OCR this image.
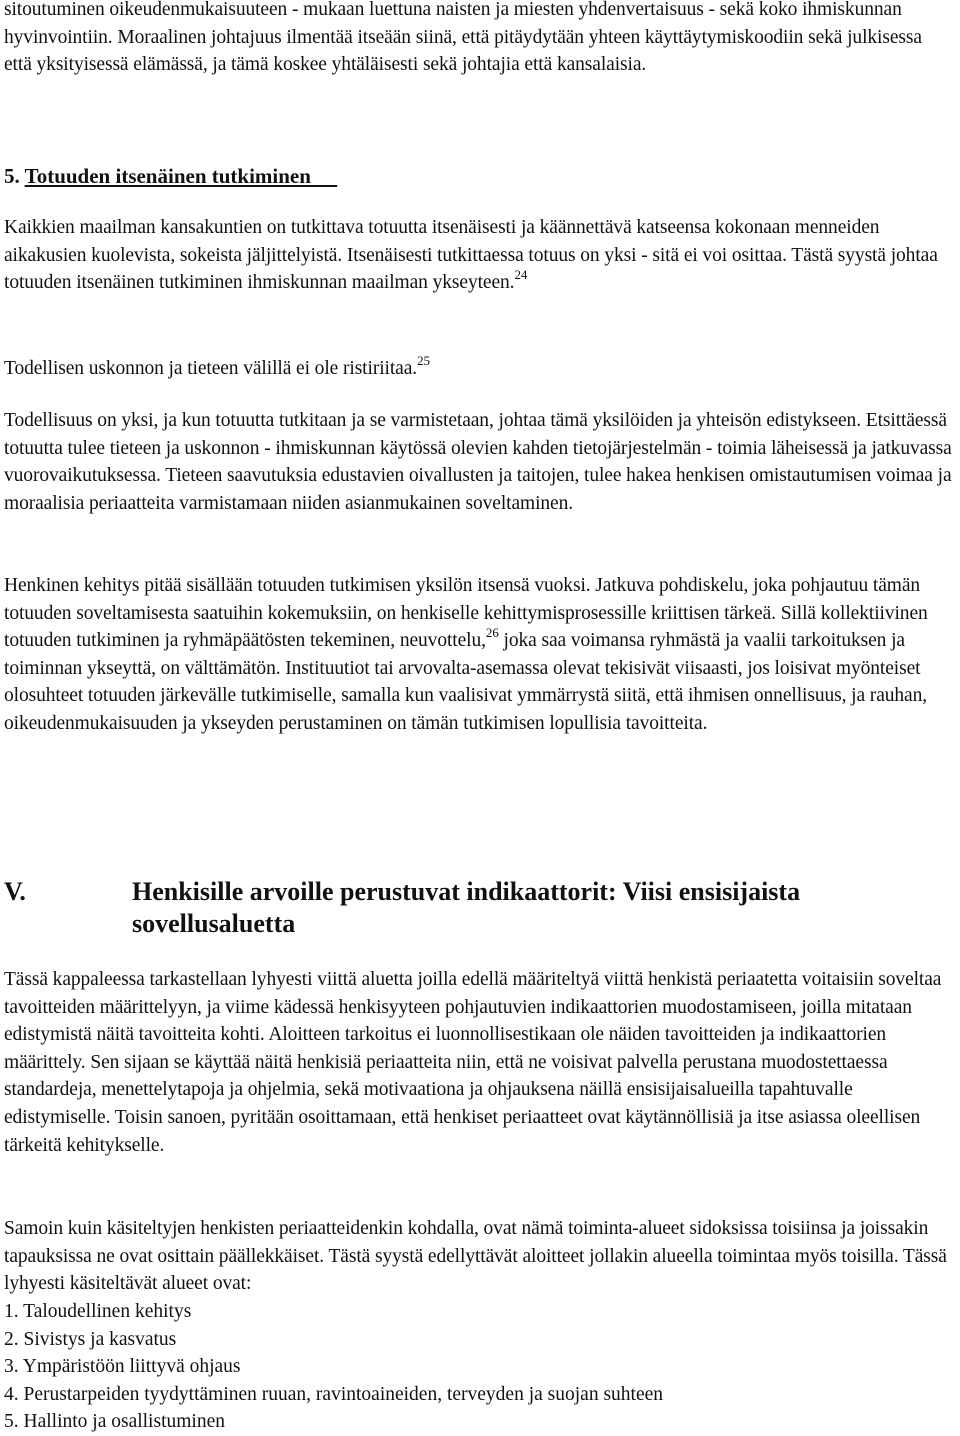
sitoutuminen oikeudenmukaisuuteen - mukaan luettuna naisten ja miesten yhdenvertaisuus - sekä koko ihmiskunnan hyvinvointiin. Moraalinen johtajuus ilmentää itseään siinä, että pitäydytään yhteen käyttäytymiskoodiin sekä julkisessa että yksityisessä elämässä, ja tämä koskee yhtäläisesti sekä johtajia että kansalaisia.

5. Totuuden itsenäinen tutkiminen

Kaikkien maailman kansakuntien on tutkittava totuutta itsenäisesti ja käännettävä katseensa kokonaan menneiden aikakusien kuolevista, sokeista jäljittelyistä. Itsenäisesti tutkittaessa totuus on yksi - sitä ei voi osittaa. Tästä syystä johtaa totuuden itsenäinen tutkiminen ihmiskunnan maailman ykseyteen.$^{24}$

Todellisen uskonnon ja tieteen välillä ei ole ristiriitaa.$^{25}$

Todellisuus on yksi, ja kun totuutta tutkitaan ja se varmistetaan, johtaa tämä yksilöiden ja yhteisön edistykseen. Etsittäessä totuutta tulee tieteen ja uskonnon - ihmiskunnan käytössä olevien kahden tietojärjestelmän - toimia läheisessä ja jatkuvassa vuorovaikutuksessa. Tieteen saavutuksia edustavien oivallusten ja taitojen, tulee hakea henkisen omistautumisen voimaa ja moraalisia periaatteita varmistamaan niiden asianmukainen soveltaminen.

Henkinen kehitys pitää sisällään totuuden tutkimisen yksilön itsensä vuoksi. Jatkuva pohdiskelu, joka pohjautuu tämän totuuden soveltamisesta saatuihin kokemuksiin, on henkiselle kehittymisprosessille kriittisen tärkeä. Sillä kollektiivinen totuuden tutkiminen ja ryhmäpäätösten tekeminen, neuvottelu,$^{26}$ joka saa voimansa ryhmästä ja vaalii tarkoituksen ja toiminnan ykseyttä, on välttämätön. Instituutiot tai arvovalta-asemassa olevat tekisivät viisaasti, jos loisivat myönteiset olosuhteet totuuden järkevälle tutkimiselle, samalla kun vaalisivat ymmärrystä siitä, että ihmisen onnellisuus, ja rauhan, oikeudenmukaisuuden ja ykseyden perustaminen on tämän tutkimisen lopullisia tavoitteita.

V.	Henkisille arvoille perustuvat indikaattorit: Viisi ensisijaista sovellusaluetta

Tässä kappaleessa tarkastellaan lyhyesti viittä aluetta joilla edellä määriteltyä viittä henkistä periaatetta voitaisiin soveltaa tavoitteiden määrittelyyn, ja viime kädessä henkisyyteen pohjautuvien indikaattorien muodostamiseen, joilla mitataan edistymistä näitä tavoitteita kohti. Aloitteen tarkoitus ei luonnollisestikaan ole näiden tavoitteiden ja indikaattorien määrittely. Sen sijaan se käyttää näitä henkisiä periaatteita niin, että ne voisivat palvella perustana muodostettaessa standardeja, menettelytapoja ja ohjelmia, sekä motivaationa ja ohjauksena näillä ensisijaisalueilla tapahtuvalle edistymiselle. Toisin sanoen, pyritään osoittamaan, että henkiset periaatteet ovat käytännöllisiä ja itse asiassa oleellisen tärkeitä kehitykselle.

Samoin kuin käsiteltyjen henkisten periaatteidenkin kohdalla, ovat nämä toiminta-alueet sidoksissa toisiinsa ja joissakin tapauksissa ne ovat osittain päällekkäiset. Tästä syystä edellyttävät aloitteet jollakin alueella toimintaa myös toisilla. Tässä lyhyesti käsiteltävät alueet ovat:

1. Taloudellinen kehitys
2. Sivistys ja kasvatus
3. Ympäristöön liittyvä ohjaus
4. Perustarpeiden tyydyttäminen ruuan, ravintoaineiden, terveyden ja suojan suhteen
5. Hallinto ja osallistuminen
